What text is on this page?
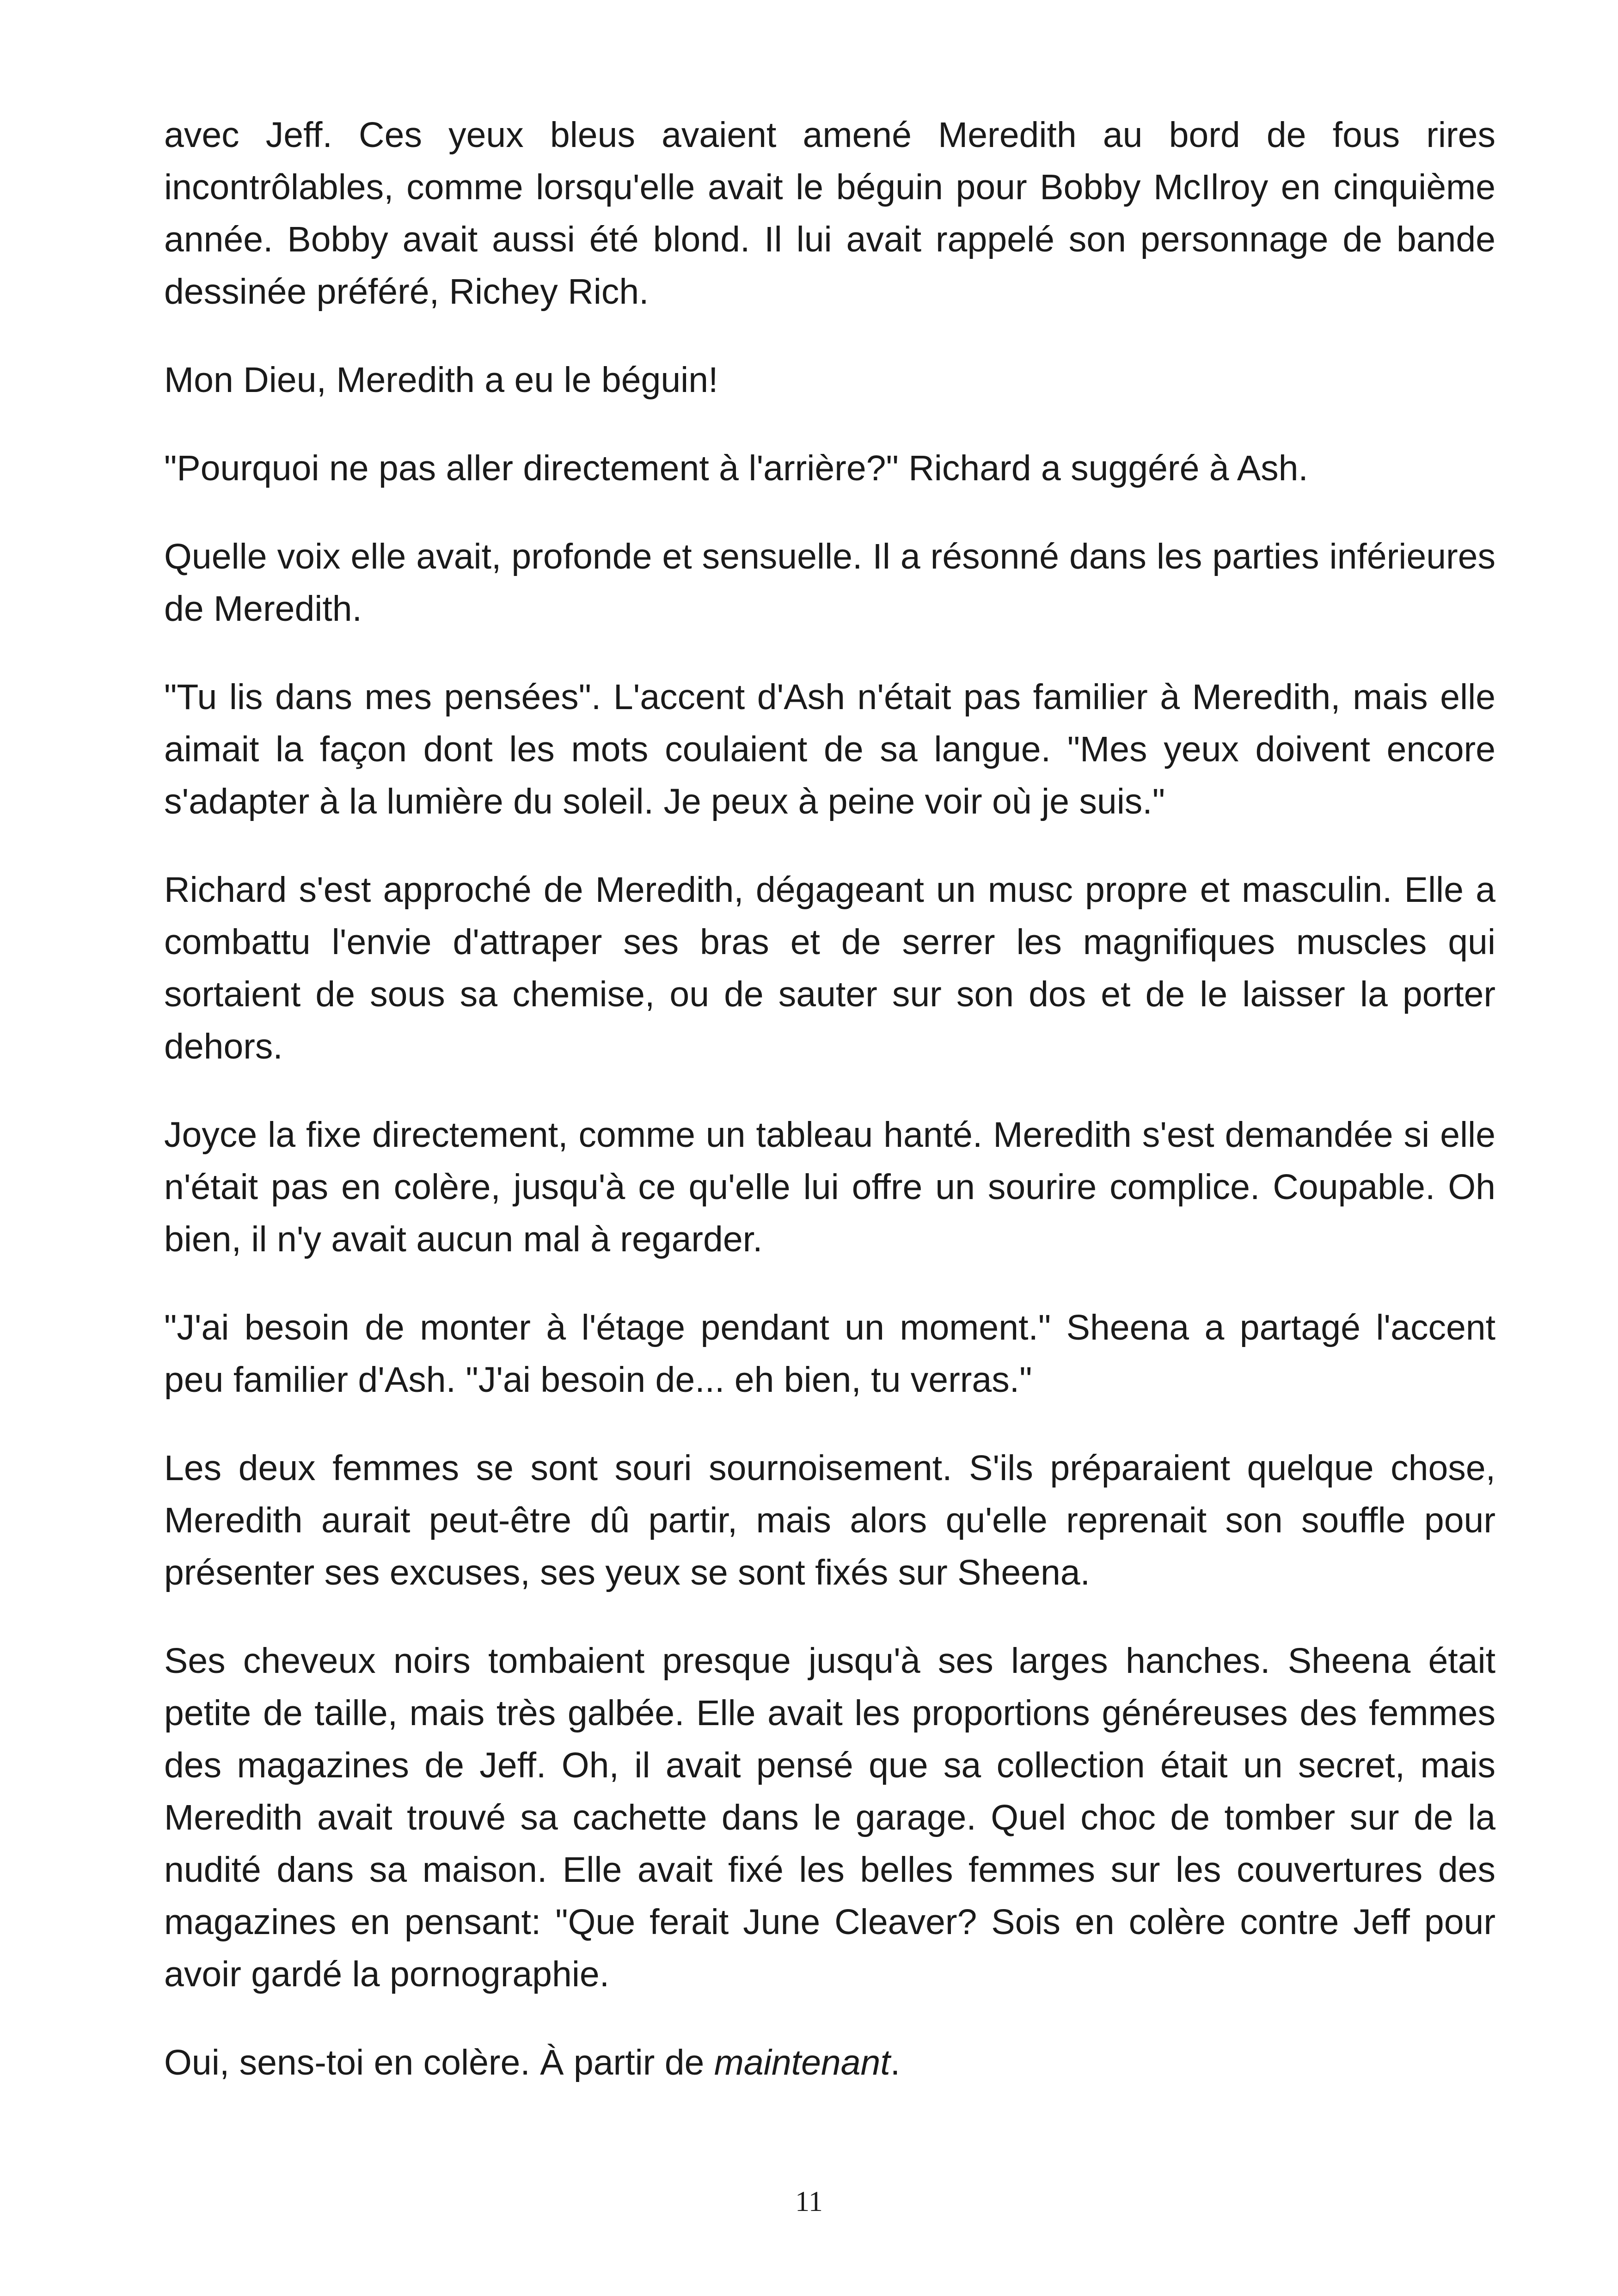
avec Jeff. Ces yeux bleus avaient amené Meredith au bord de fous rires incontrôlables, comme lorsqu'elle avait le béguin pour Bobby McIlroy en cinquième année. Bobby avait aussi été blond. Il lui avait rappelé son personnage de bande dessinée préféré, Richey Rich.

Mon Dieu, Meredith a eu le béguin!

"Pourquoi ne pas aller directement à l'arrière?" Richard a suggéré à Ash.

Quelle voix elle avait, profonde et sensuelle. Il a résonné dans les parties inférieures de Meredith.

"Tu lis dans mes pensées". L'accent d'Ash n'était pas familier à Meredith, mais elle aimait la façon dont les mots coulaient de sa langue. "Mes yeux doivent encore s'adapter à la lumière du soleil. Je peux à peine voir où je suis."

Richard s'est approché de Meredith, dégageant un musc propre et masculin. Elle a combattu l'envie d'attraper ses bras et de serrer les magnifiques muscles qui sortaient de sous sa chemise, ou de sauter sur son dos et de le laisser la porter dehors.

Joyce la fixe directement, comme un tableau hanté. Meredith s'est demandée si elle n'était pas en colère, jusqu'à ce qu'elle lui offre un sourire complice. Coupable. Oh bien, il n'y avait aucun mal à regarder.

"J'ai besoin de monter à l'étage pendant un moment." Sheena a partagé l'accent peu familier d'Ash. "J'ai besoin de... eh bien, tu verras."

Les deux femmes se sont souri sournoisement. S'ils préparaient quelque chose, Meredith aurait peut-être dû partir, mais alors qu'elle reprenait son souffle pour présenter ses excuses, ses yeux se sont fixés sur Sheena.

Ses cheveux noirs tombaient presque jusqu'à ses larges hanches. Sheena était petite de taille, mais très galbée. Elle avait les proportions généreuses des femmes des magazines de Jeff. Oh, il avait pensé que sa collection était un secret, mais Meredith avait trouvé sa cachette dans le garage. Quel choc de tomber sur de la nudité dans sa maison. Elle avait fixé les belles femmes sur les couvertures des magazines en pensant: "Que ferait June Cleaver? Sois en colère contre Jeff pour avoir gardé la pornographie.

Oui, sens-toi en colère. À partir de maintenant.

11
